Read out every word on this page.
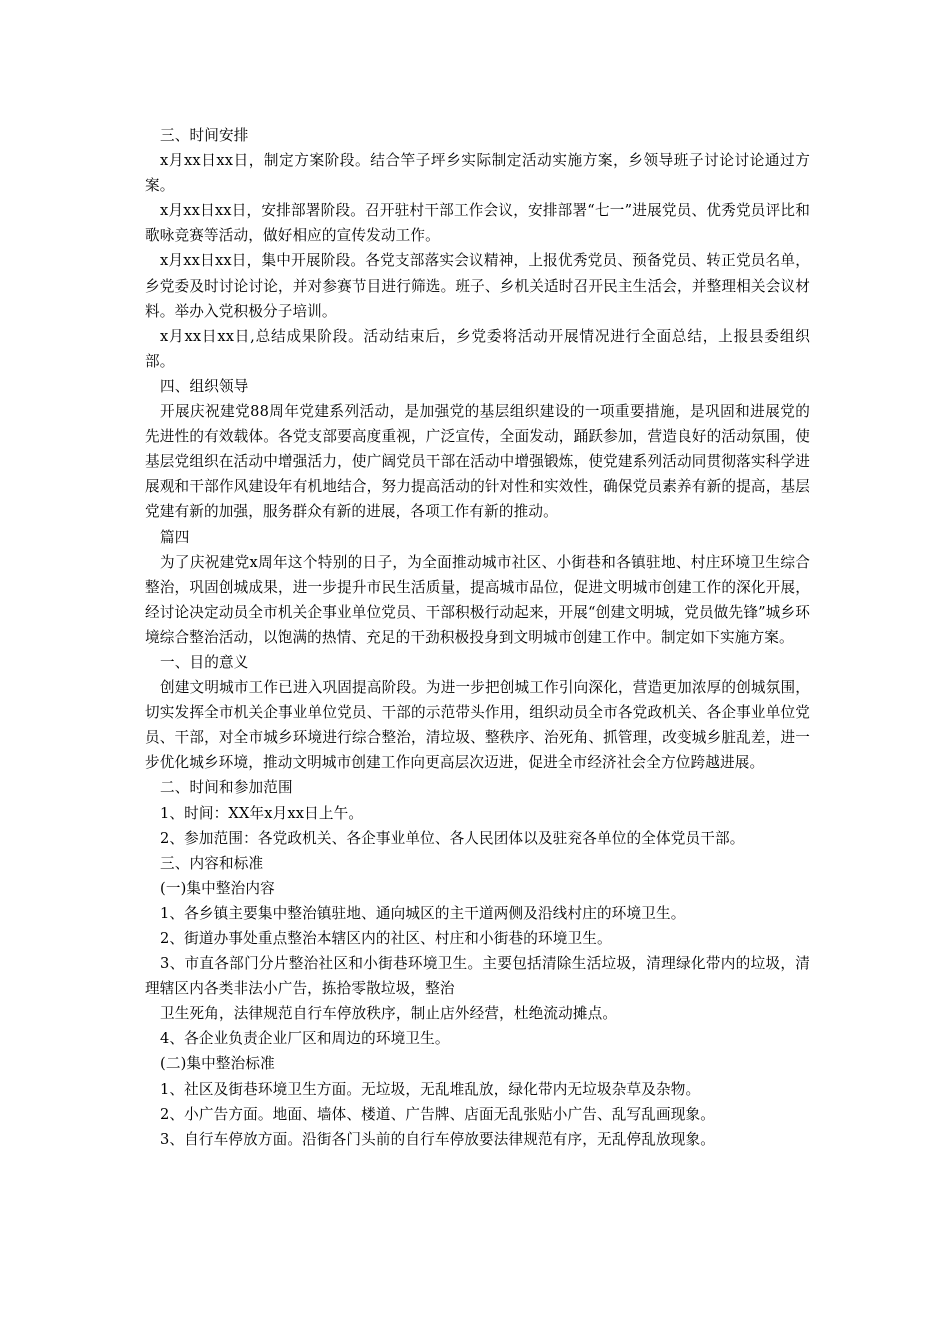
三、时间安排

x月xx日xx日，制定方案阶段。结合竿子坪乡实际制定活动实施方案，乡领导班子讨论讨论通过方案。

x月xx日xx日，安排部署阶段。召开驻村干部工作会议，安排部署“七一”进展党员、优秀党员评比和歌咏竞赛等活动，做好相应的宣传发动工作。

x月xx日xx日，集中开展阶段。各党支部落实会议精神，上报优秀党员、预备党员、转正党员名单，乡党委及时讨论讨论，并对参赛节目进行筛选。班子、乡机关适时召开民主生活会，并整理相关会议材料。举办入党积极分子培训。

x月xx日xx日,总结成果阶段。活动结束后，乡党委将活动开展情况进行全面总结，上报县委组织部。

四、组织领导

开展庆祝建党88周年党建系列活动，是加强党的基层组织建设的一项重要措施，是巩固和进展党的先进性的有效载体。各党支部要高度重视，广泛宣传，全面发动，踊跃参加，营造良好的活动氛围，使基层党组织在活动中增强活力，使广阔党员干部在活动中增强锻炼，使党建系列活动同贯彻落实科学进展观和干部作风建设年有机地结合，努力提高活动的针对性和实效性，确保党员素养有新的提高，基层党建有新的加强，服务群众有新的进展，各项工作有新的推动。

篇四

为了庆祝建党x周年这个特别的日子，为全面推动城市社区、小街巷和各镇驻地、村庄环境卫生综合整治，巩固创城成果，进一步提升市民生活质量，提高城市品位，促进文明城市创建工作的深化开展，经讨论决定动员全市机关企事业单位党员、干部积极行动起来，开展“创建文明城，党员做先锋”城乡环境综合整治活动，以饱满的热情、充足的干劲积极投身到文明城市创建工作中。制定如下实施方案。

一、目的意义

创建文明城市工作已进入巩固提高阶段。为进一步把创城工作引向深化，营造更加浓厚的创城氛围，切实发挥全市机关企事业单位党员、干部的示范带头作用，组织动员全市各党政机关、各企事业单位党员、干部，对全市城乡环境进行综合整治，清垃圾、整秩序、治死角、抓管理，改变城乡脏乱差，进一步优化城乡环境，推动文明城市创建工作向更高层次迈进，促进全市经济社会全方位跨越进展。

二、时间和参加范围

1、时间：XX年x月xx日上午。

2、参加范围：各党政机关、各企事业单位、各人民团体以及驻兖各单位的全体党员干部。

三、内容和标准

(一)集中整治内容

1、各乡镇主要集中整治镇驻地、通向城区的主干道两侧及沿线村庄的环境卫生。

2、街道办事处重点整治本辖区内的社区、村庄和小街巷的环境卫生。

3、市直各部门分片整治社区和小街巷环境卫生。主要包括清除生活垃圾，清理绿化带内的垃圾，清理辖区内各类非法小广告，拣拾零散垃圾，整治

卫生死角，法律规范自行车停放秩序，制止店外经营，杜绝流动摊点。

4、各企业负责企业厂区和周边的环境卫生。

(二)集中整治标准

1、社区及街巷环境卫生方面。无垃圾，无乱堆乱放，绿化带内无垃圾杂草及杂物。

2、小广告方面。地面、墙体、楼道、广告牌、店面无乱张贴小广告、乱写乱画现象。

3、自行车停放方面。沿街各门头前的自行车停放要法律规范有序，无乱停乱放现象。
